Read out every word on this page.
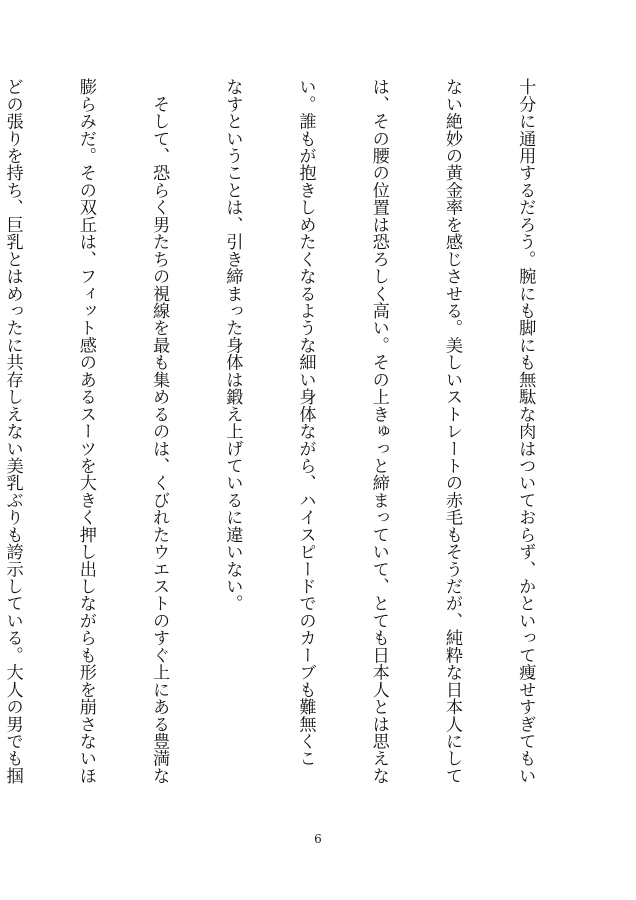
十分に通用するだろう。腕にも脚にも無駄な肉はついておらず、かといって痩せすぎてもい

ない絶妙の黄金率を感じさせる。美しいストレートの赤毛もそうだが、純粋な日本人にして

は、その腰の位置は恐ろしく高い。その上きゅっと締まっていて、とても日本人とは思えな

い。誰もが抱きしめたくなるような細い身体ながら、ハイスピードでのカーブも難無くこ

なすということは、引き締まった身体は鍛え上げているに違いない。

　そして、恐らく男たちの視線を最も集めるのは、くびれたウエストのすぐ上にある豊満な

膨らみだ。その双丘は、フィット感のあるスーツを大きく押し出しながらも形を崩さないほ

どの張りを持ち、巨乳とはめったに共存しえない美乳ぶりも誇示している。大人の男でも掴

6
